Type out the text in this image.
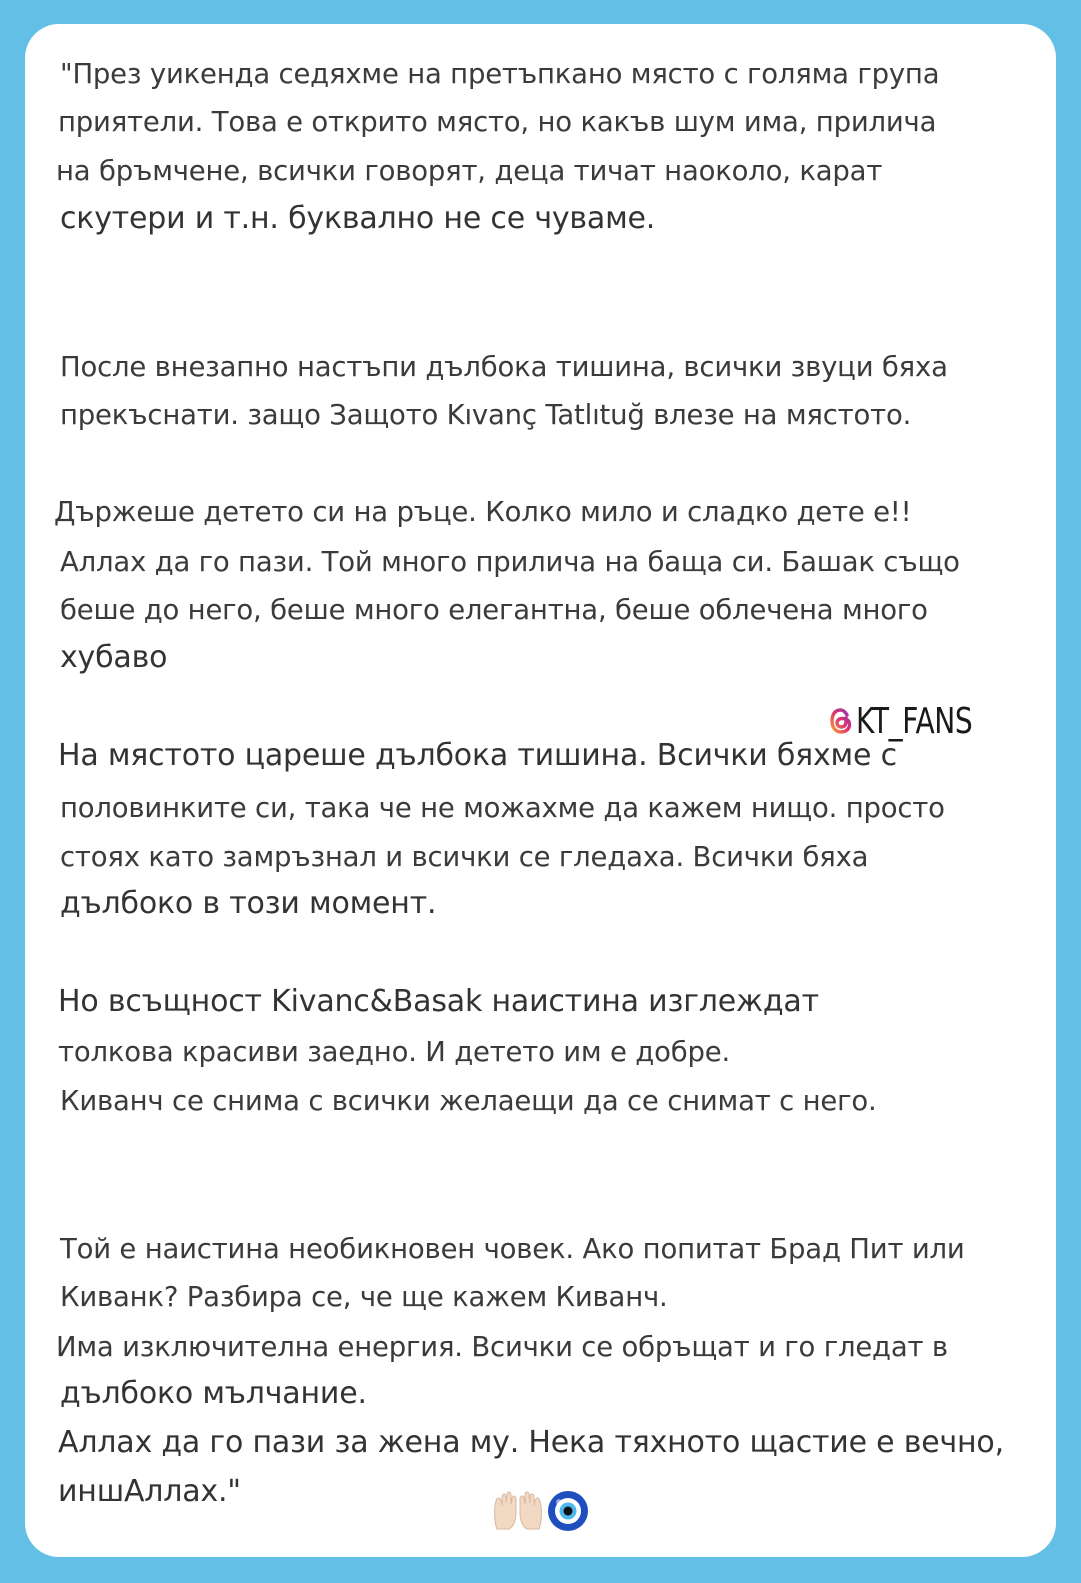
"През уикенда седяхме на претъпкано място с голяма група
приятели. Това е открито място, но какъв шум има, прилича
на бръмчене, всички говорят, деца тичат наоколо, карат
скутери и т.н. буквално не се чуваме.
После внезапно настъпи дълбока тишина, всички звуци бяха
прекъснати. защо Защото Kıvanç Tatlıtuğ влезе на мястото.
Държеше детето си на ръце. Колко мило и сладко дете е!!
Аллах да го пази. Той много прилича на баща си. Башак също
беше до него, беше много елегантна, беше облечена много
хубаво
На мястото цареше дълбока тишина. Всички бяхме с
половинките си, така че не можахме да кажем нищо. просто
стоях като замръзнал и всички се гледаха. Всички бяха
дълбоко в този момент.
Но всъщност Kivanc&Basak наистина изглеждат
толкова красиви заедно. И детето им е добре.
Киванч се снима с всички желаещи да се снимат с него.
Той е наистина необикновен човек. Ако попитат Брад Пит или
Киванк? Разбира се, че ще кажем Киванч.
Има изключителна енергия. Всички се обръщат и го гледат в
дълбоко мълчание.
Аллах да го пази за жена му. Нека тяхното щастие е вечно,
иншАллах."
KT_FANS
